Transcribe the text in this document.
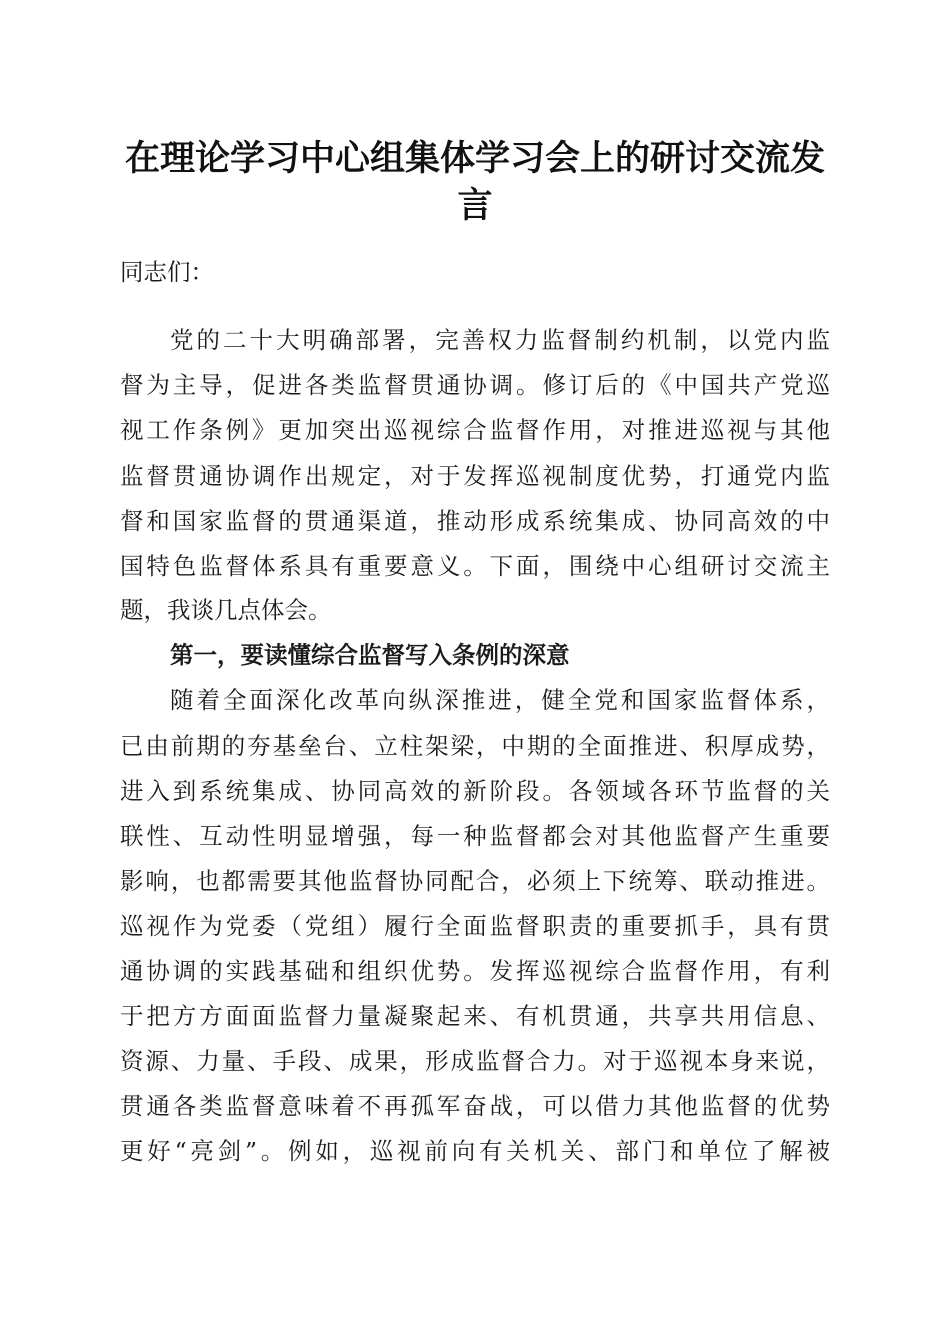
在理论学习中心组集体学习会上的研讨交流发
言
同志们：
党的二十大明确部署，完善权力监督制约机制，以党内监
督为主导，促进各类监督贯通协调。修订后的《中国共产党巡
视工作条例》更加突出巡视综合监督作用，对推进巡视与其他
监督贯通协调作出规定，对于发挥巡视制度优势，打通党内监
督和国家监督的贯通渠道，推动形成系统集成、协同高效的中
国特色监督体系具有重要意义。下面，围绕中心组研讨交流主
题，我谈几点体会。
第一，要读懂综合监督写入条例的深意
随着全面深化改革向纵深推进，健全党和国家监督体系，
已由前期的夯基垒台、立柱架梁，中期的全面推进、积厚成势，
进入到系统集成、协同高效的新阶段。各领域各环节监督的关
联性、互动性明显增强，每一种监督都会对其他监督产生重要
影响，也都需要其他监督协同配合，必须上下统筹、联动推进。
巡视作为党委（党组）履行全面监督职责的重要抓手，具有贯
通协调的实践基础和组织优势。发挥巡视综合监督作用，有利
于把方方面面监督力量凝聚起来、有机贯通，共享共用信息、
资源、力量、手段、成果，形成监督合力。对于巡视本身来说，
贯通各类监督意味着不再孤军奋战，可以借力其他监督的优势
更好“亮剑”。例如，巡视前向有关机关、部门和单位了解被
